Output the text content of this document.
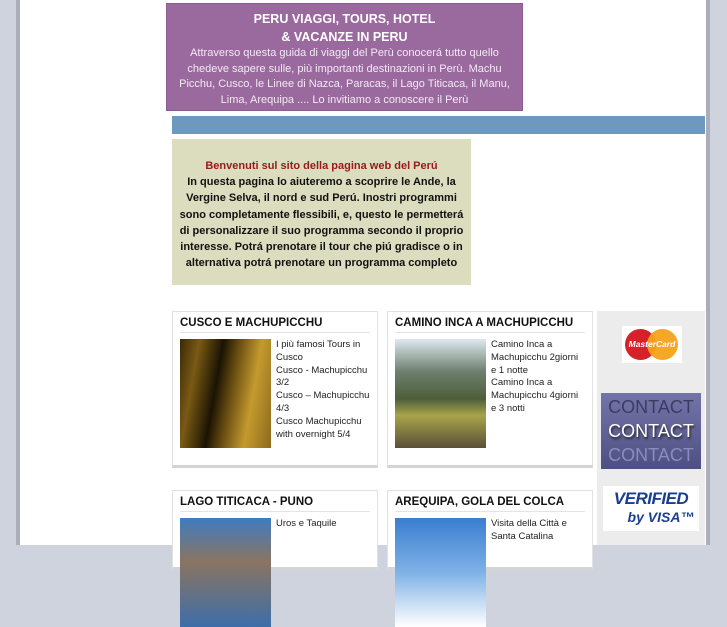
PERU VIAGGI, TOURS, HOTEL
& VACANZE IN PERU
Attraverso questa guida di viaggi del Perù conocerá tutto quello chedeve sapere sulle, più importanti destinazioni in Perù. Machu Picchu, Cusco, le Linee di Nazca, Paracas, il Lago Titicaca, il Manu, Lima, Arequipa .... Lo invitiamo a conoscere il Perù
Benvenuti sul sito della pagina web del Perú
In questa pagina lo aiuteremo a scoprire le Ande, la Vergine Selva, il nord e sud Perú. Inostri programmi sono completamente flessibili, e, questo le permetterá di personalizzare il suo programma secondo il proprio interesse. Potrá prenotare il tour che piú gradisce o in alternativa potrá prenotare un programma completo
CUSCO E MACHUPICCHU
I più famosi Tours in Cusco
Cusco - Machupicchu 3/2
Cusco – Machupicchu 4/3
Cusco Machupicchu with overnight 5/4
CAMINO INCA A MACHUPICCHU
Camino Inca a Machupicchu 2giorni e 1 notte
Camino Inca a Machupicchu 4giorni e 3 notti
LAGO TITICACA - PUNO
Uros e Taquile
AREQUIPA, GOLA DEL COLCA
Visita della Città e Santa Catalina
MasterCard
CONTACT
CONTACT
CONTACT
VERIFIED
by VISA™
